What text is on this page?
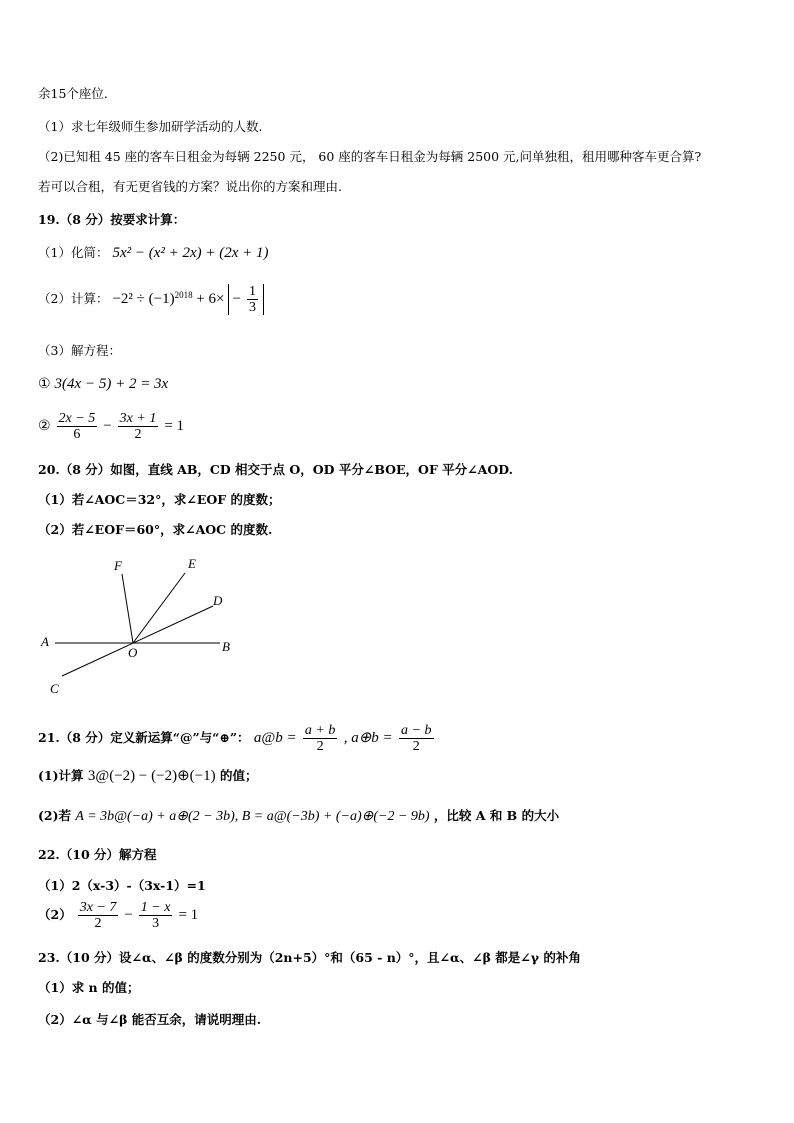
余15个座位.
（1）求七年级师生参加研学活动的人数.
（2)已知租 45 座的客车日租金为每辆 2250 元， 60 座的客车日租金为每辆 2500 元,问单独租，租用哪种客车更合算?
若可以合租，有无更省钱的方案？说出你的方案和理由.
19.（8 分）按要求计算：
（1）化简： 5x² − (x² + 2x) + (2x + 1)
（2）计算： $-2^2 \div (-1)^{2018} + 6\times - \frac{1}{3}$
（3）解方程：
① 3(4x − 5) + 2 = 3x
② $\frac{2x - 5}{6} - \frac{3x + 1}{2} = 1$
20.（8 分）如图，直线 AB，CD 相交于点 O，OD 平分∠BOE，OF 平分∠AOD.
（1）若∠AOC＝32°，求∠EOF 的度数；
（2）若∠EOF＝60°，求∠AOC 的度数.
F	E
D
A
O	B
C
21.（8 分）定义新运算“@”与“⊕”： a@b = $\frac{a + b}{2}$ , a⊕b = $\frac{a - b}{2}$
(1)计算 3@(−2) − (−2)⊕(−1) 的值；
(2)若 A = 3b@(−a) + a⊕(2 − 3b), B = a@(−3b) + (−a)⊕(−2 − 9b) ，比较 A 和 B 的大小
22.（10 分）解方程
（1）2（x-3）-（3x-1）=1
$(2) \frac{3x - 7}{2} - \frac{1 - x}{3} = 1$
23.（10 分）设∠α、∠β 的度数分别为（2n+5）°和（65 - n）°，且∠α、∠β 都是∠γ 的补角
（1）求 n 的值；
（2）∠α 与∠β 能否互余，请说明理由.
